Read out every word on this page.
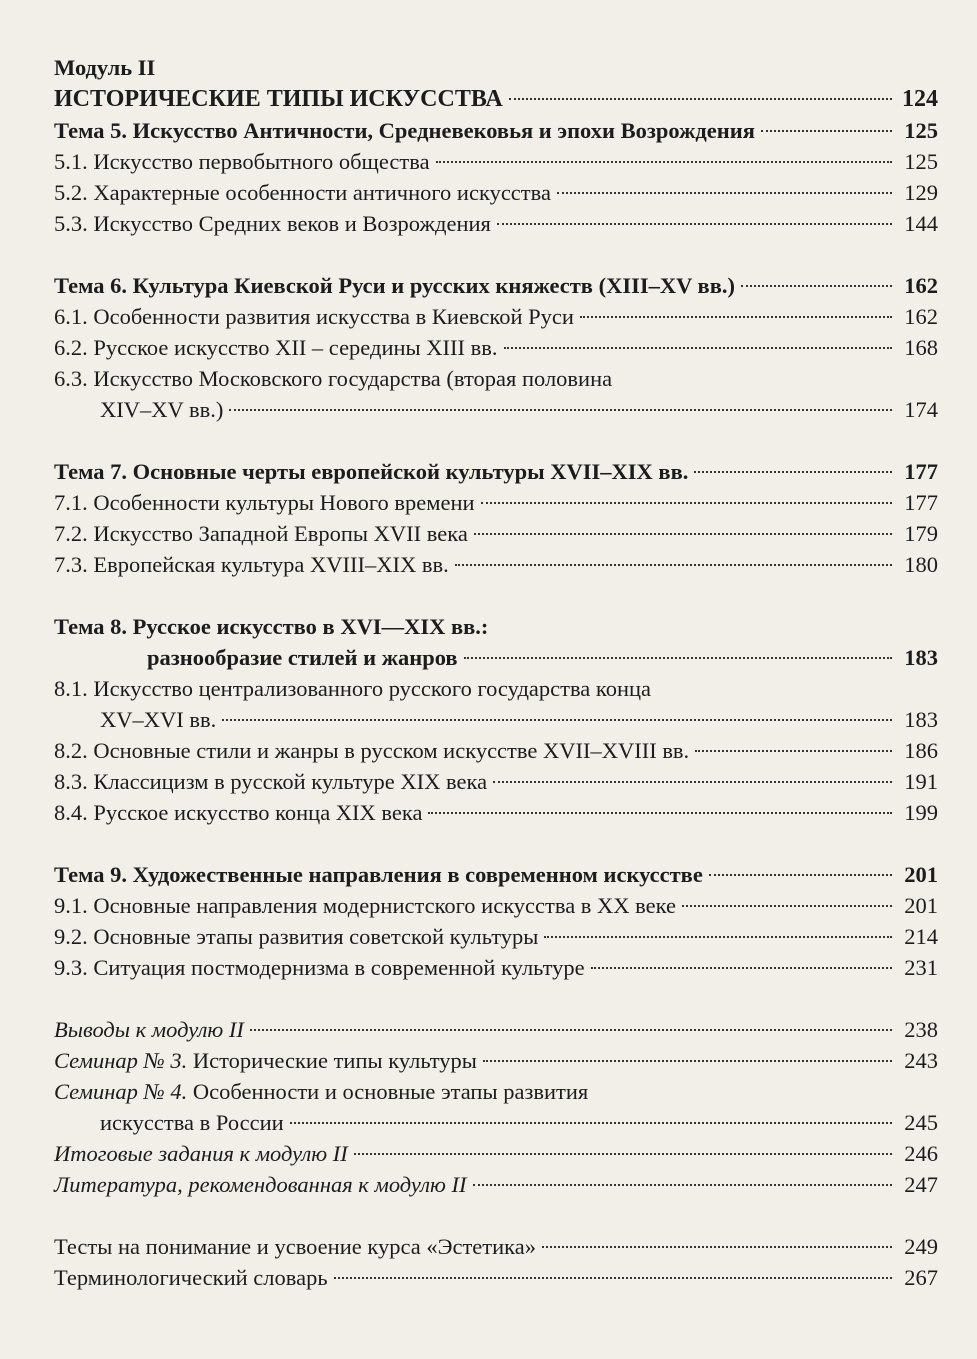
Модуль II
ИСТОРИЧЕСКИЕ ТИПЫ ИСКУССТВА	124
Тема 5. Искусство Античности, Средневековья и эпохи Возрождения	125
5.1. Искусство первобытного общества	125
5.2. Характерные особенности античного искусства	129
5.3. Искусство Средних веков и Возрождения	144
Тема 6. Культура Киевской Руси и русских княжеств (XIII–XV вв.)	162
6.1. Особенности развития искусства в Киевской Руси	162
6.2. Русское искусство XII – середины XIII вв.	168
6.3. Искусство Московского государства (вторая половина
XIV–XV вв.)	174
Тема 7. Основные черты европейской культуры XVII–XIX вв.	177
7.1. Особенности культуры Нового времени	177
7.2. Искусство Западной Европы XVII века	179
7.3. Европейская культура XVIII–XIX вв.	180
Тема 8. Русское искусство в XVI—XIX вв.:
разнообразие стилей и жанров	183
8.1. Искусство централизованного русского государства конца
XV–XVI вв.	183
8.2. Основные стили и жанры в русском искусстве XVII–XVIII вв.	186
8.3. Классицизм в русской культуре XIX века	191
8.4. Русское искусство конца XIX века	199
Тема 9. Художественные направления в современном искусстве	201
9.1. Основные направления модернистского искусства в XX веке	201
9.2. Основные этапы развития советской культуры	214
9.3. Ситуация постмодернизма в современной культуре	231
Выводы к модулю II	238
Семинар № 3. Исторические типы культуры	243
Семинар № 4. Особенности и основные этапы развития
искусства в России	245
Итоговые задания к модулю II	246
Литература, рекомендованная к модулю II	247
Тесты на понимание и усвоение курса «Эстетика»	249
Терминологический словарь	267
